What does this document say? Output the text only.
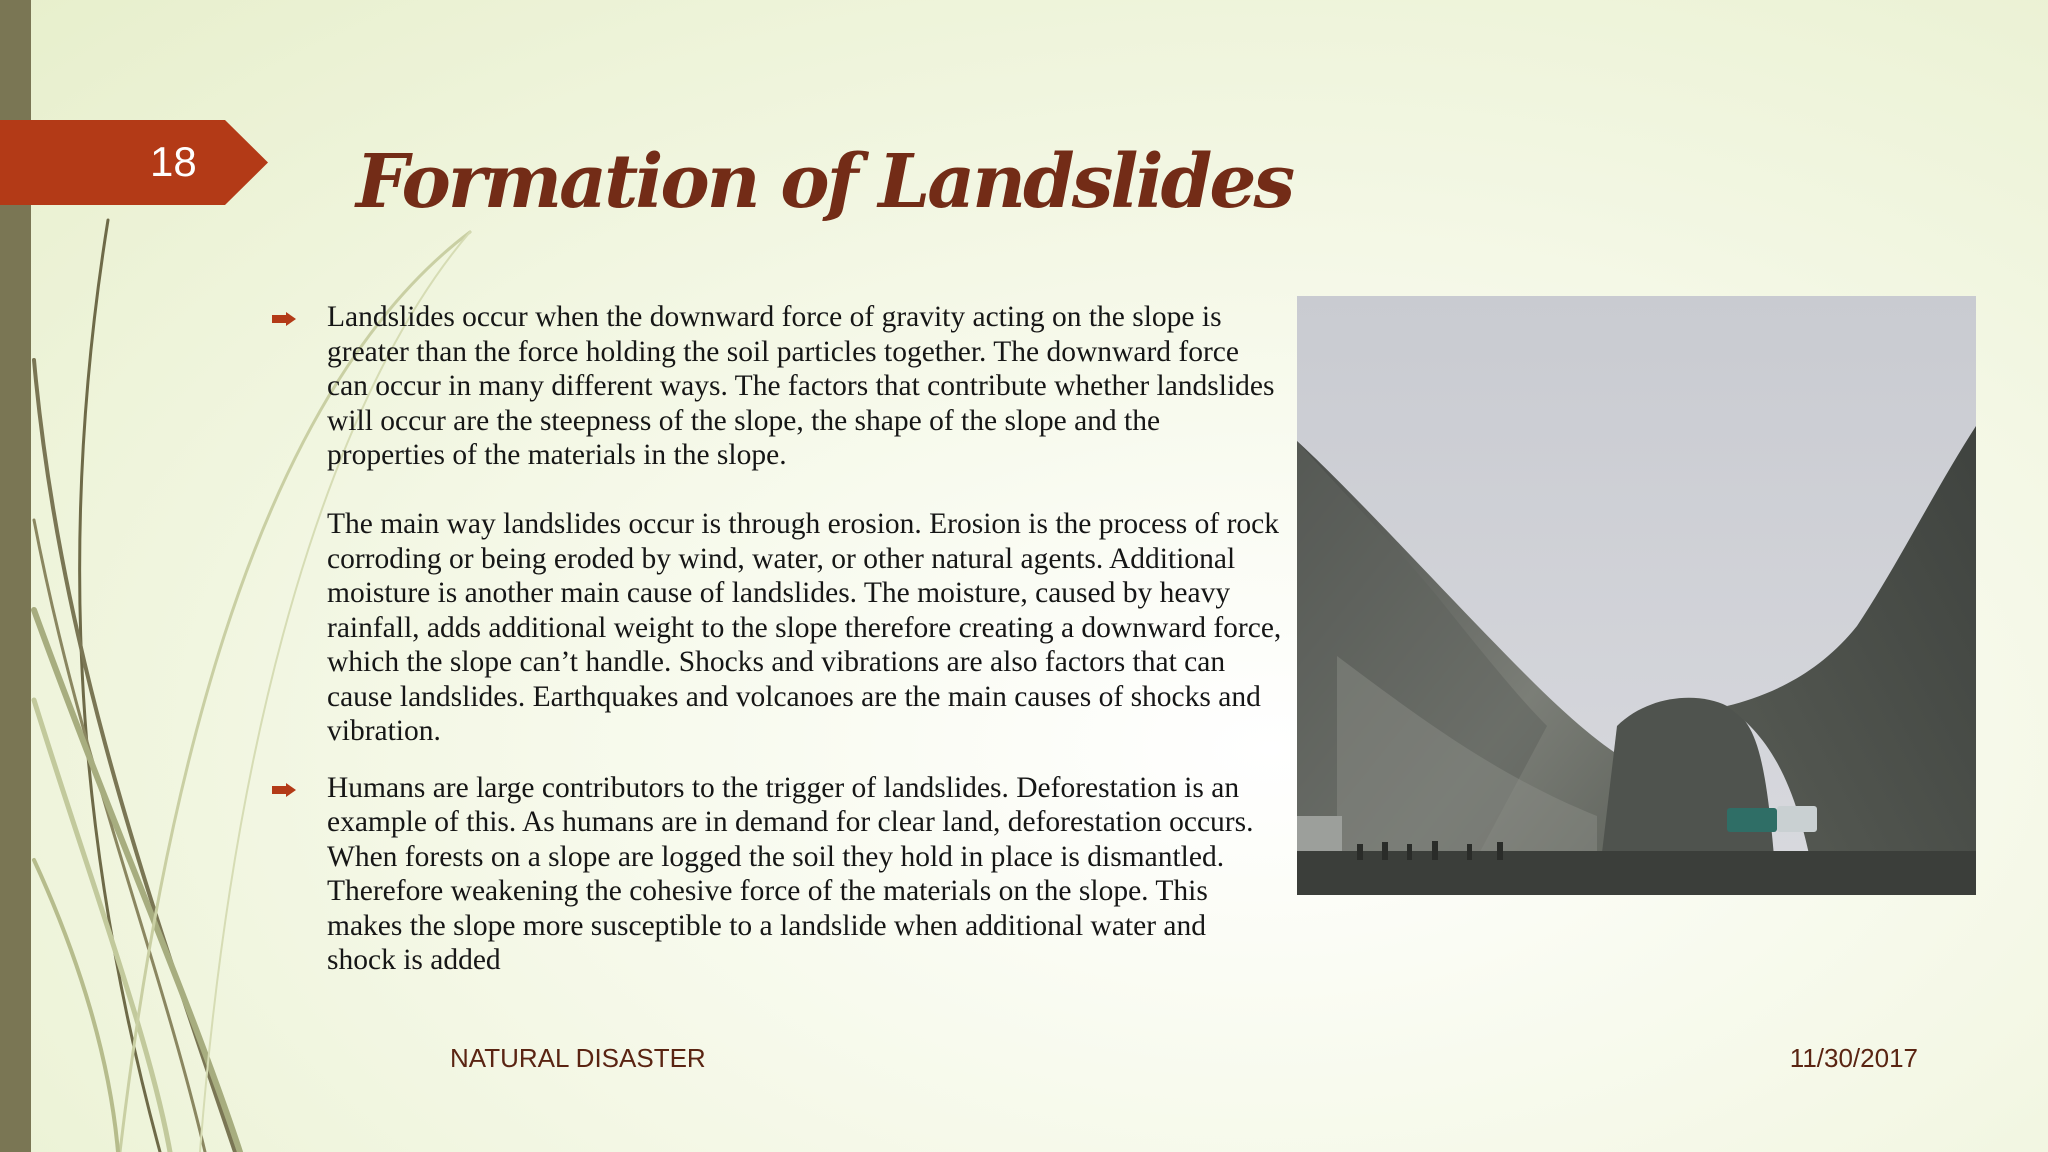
18	Formation of Landslides
Landslides occur when the downward force of gravity acting on the slope is greater than the force holding the soil particles together. The downward force can occur in many different ways. The factors that contribute whether landslides will occur are the steepness of the slope, the shape of the slope and the properties of the materials in the slope.
The main way landslides occur is through erosion. Erosion is the process of rock corroding or being eroded by wind, water, or other natural agents. Additional moisture is another main cause of landslides. The moisture, caused by heavy rainfall, adds additional weight to the slope therefore creating a downward force, which the slope can’t handle. Shocks and vibrations are also factors that can cause landslides. Earthquakes and volcanoes are the main causes of shocks and vibration.
Humans are large contributors to the trigger of landslides. Deforestation is an example of this. As humans are in demand for clear land, deforestation occurs. When forests on a slope are logged the soil they hold in place is dismantled. Therefore weakening the cohesive force of the materials on the slope. This makes the slope more susceptible to a landslide when additional water and shock is added
NATURAL DISASTER	11/30/2017
